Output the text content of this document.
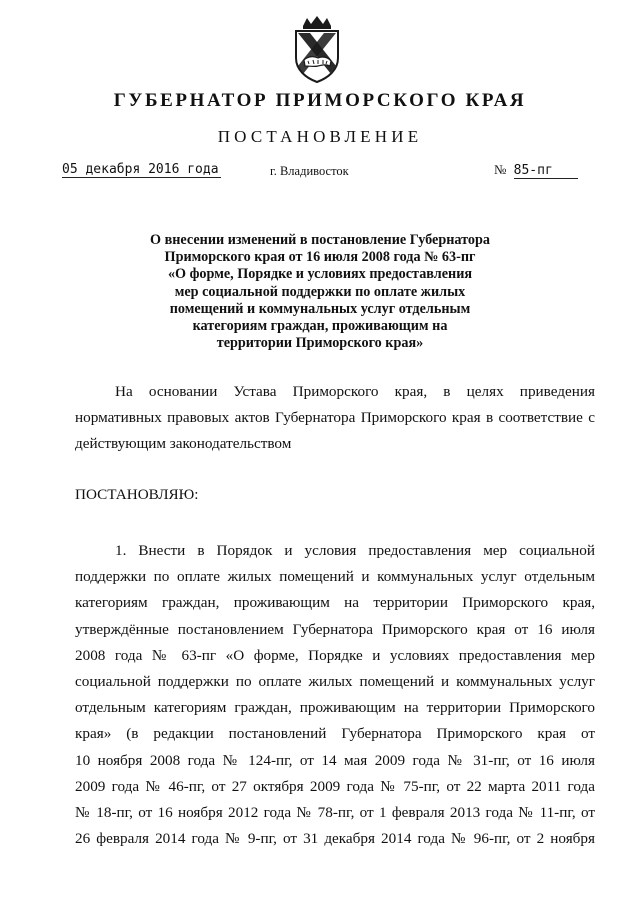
ГУБЕРНАТОР ПРИМОРСКОГО КРАЯ
ПОСТАНОВЛЕНИЕ
05 декабря 2016 года	г. Владивосток	№ 85-пг
О внесении изменений в постановление Губернатора
Приморского края от 16 июля 2008 года № 63-пг
«О форме, Порядке и условиях предоставления
мер социальной поддержки по оплате жилых
помещений и коммунальных услуг отдельным
категориям граждан, проживающим на
территории Приморского края»
На основании Устава Приморского края, в целях приведения
нормативных правовых актов Губернатора Приморского края в соответствие с
действующим законодательством
ПОСТАНОВЛЯЮ:
1. Внести в Порядок и условия предоставления мер социальной
поддержки по оплате жилых помещений и коммунальных услуг отдельным
категориям граждан, проживающим на территории Приморского края,
утверждённые постановлением Губернатора Приморского края от 16 июля
2008 года № 63-пг «О форме, Порядке и условиях предоставления мер
социальной поддержки по оплате жилых помещений и коммунальных услуг
отдельным категориям граждан, проживающим на территории Приморского
края» (в редакции постановлений Губернатора Приморского края от
10 ноября 2008 года № 124-пг, от 14 мая 2009 года № 31-пг, от 16 июля
2009 года № 46-пг, от 27 октября 2009 года № 75-пг, от 22 марта 2011 года
№ 18-пг, от 16 ноября 2012 года № 78-пг, от 1 февраля 2013 года № 11-пг, от
26 февраля 2014 года № 9-пг, от 31 декабря 2014 года № 96-пг, от 2 ноября
